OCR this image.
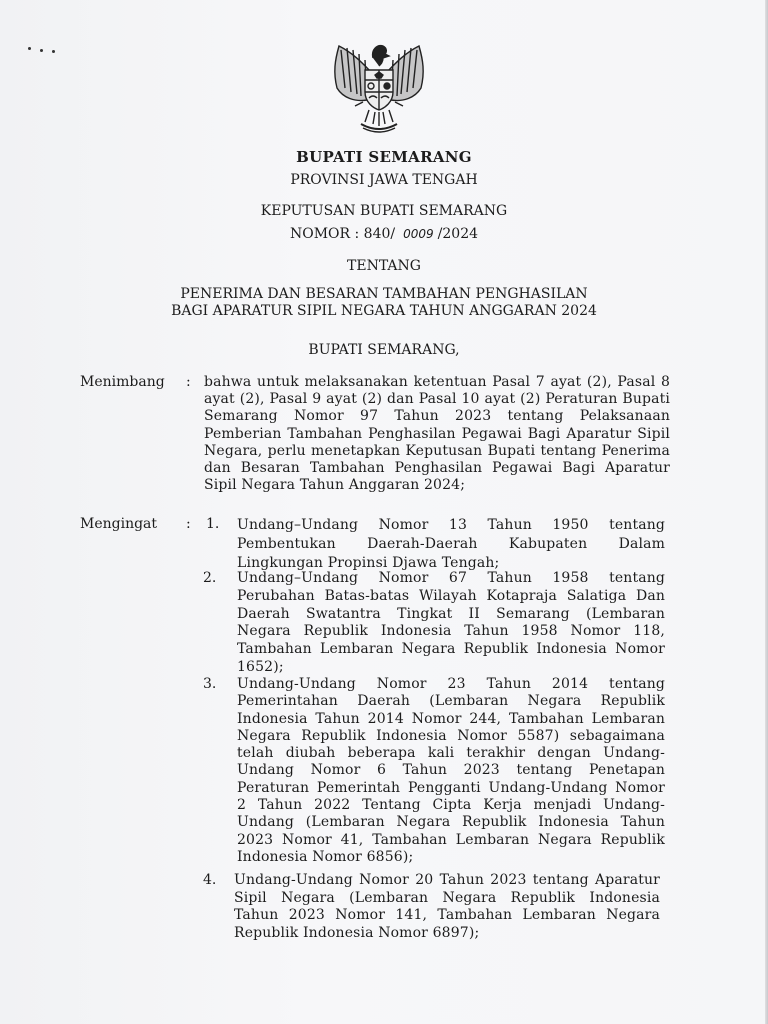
BUPATI SEMARANG
PROVINSI JAWA TENGAH
KEPUTUSAN BUPATI SEMARANG
NOMOR : 840/ 0009 /2024
TENTANG
PENERIMA DAN BESARAN TAMBAHAN PENGHASILAN
BAGI APARATUR SIPIL NEGARA TAHUN ANGGARAN 2024
BUPATI SEMARANG,
Menimbang : bahwa untuk melaksanakan ketentuan Pasal 7 ayat (2), Pasal 8 ayat (2), Pasal 9 ayat (2) dan Pasal 10 ayat (2) Peraturan Bupati Semarang Nomor 97 Tahun 2023 tentang Pelaksanaan Pemberian Tambahan Penghasilan Pegawai Bagi Aparatur Sipil Negara, perlu menetapkan Keputusan Bupati tentang Penerima dan Besaran Tambahan Penghasilan Pegawai Bagi Aparatur Sipil Negara Tahun Anggaran 2024;
Mengingat : 1. Undang–Undang Nomor 13 Tahun 1950 tentang Pembentukan Daerah-Daerah Kabupaten Dalam Lingkungan Propinsi Djawa Tengah;
2. Undang–Undang Nomor 67 Tahun 1958 tentang Perubahan Batas-batas Wilayah Kotapraja Salatiga Dan Daerah Swatantra Tingkat II Semarang (Lembaran Negara Republik Indonesia Tahun 1958 Nomor 118, Tambahan Lembaran Negara Republik Indonesia Nomor 1652);
3. Undang-Undang Nomor 23 Tahun 2014 tentang Pemerintahan Daerah (Lembaran Negara Republik Indonesia Tahun 2014 Nomor 244, Tambahan Lembaran Negara Republik Indonesia Nomor 5587) sebagaimana telah diubah beberapa kali terakhir dengan Undang-Undang Nomor 6 Tahun 2023 tentang Penetapan Peraturan Pemerintah Pengganti Undang-Undang Nomor 2 Tahun 2022 Tentang Cipta Kerja menjadi Undang-Undang (Lembaran Negara Republik Indonesia Tahun 2023 Nomor 41, Tambahan Lembaran Negara Republik Indonesia Nomor 6856);
4. Undang-Undang Nomor 20 Tahun 2023 tentang Aparatur Sipil Negara (Lembaran Negara Republik Indonesia Tahun 2023 Nomor 141, Tambahan Lembaran Negara Republik Indonesia Nomor 6897);
